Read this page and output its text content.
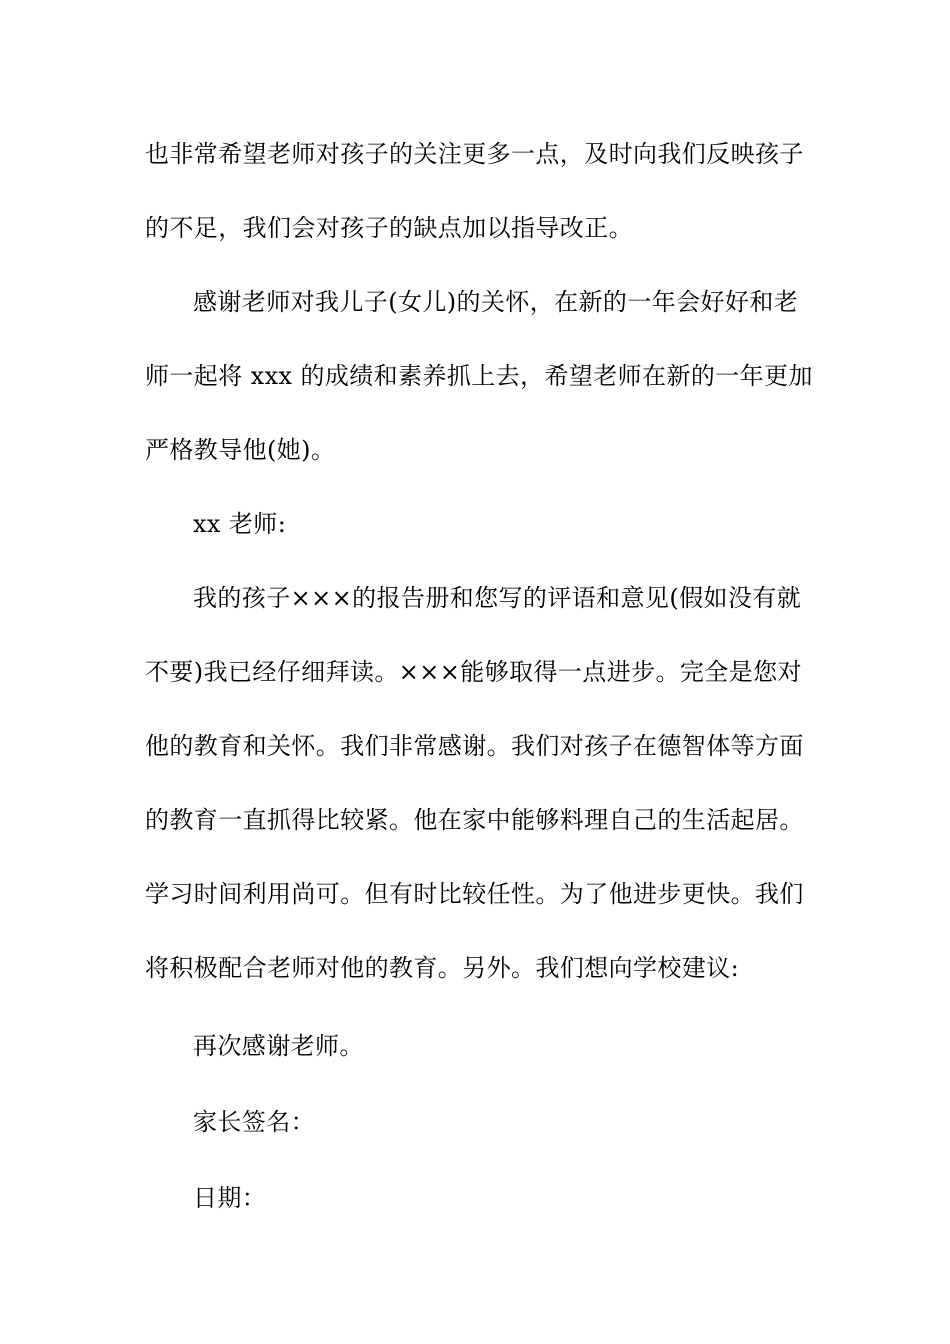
也非常希望老师对孩子的关注更多一点，及时向我们反映孩子
的不足，我们会对孩子的缺点加以指导改正。
感谢老师对我儿子(女儿)的关怀，在新的一年会好好和老
师一起将 xxx 的成绩和素养抓上去，希望老师在新的一年更加
严格教导他(她)。
xx 老师:
我的孩子×××的报告册和您写的评语和意见(假如没有就
不要)我已经仔细拜读。×××能够取得一点进步。完全是您对
他的教育和关怀。我们非常感谢。我们对孩子在德智体等方面
的教育一直抓得比较紧。他在家中能够料理自己的生活起居。
学习时间利用尚可。但有时比较任性。为了他进步更快。我们
将积极配合老师对他的教育。另外。我们想向学校建议:
再次感谢老师。
家长签名：
日期：
